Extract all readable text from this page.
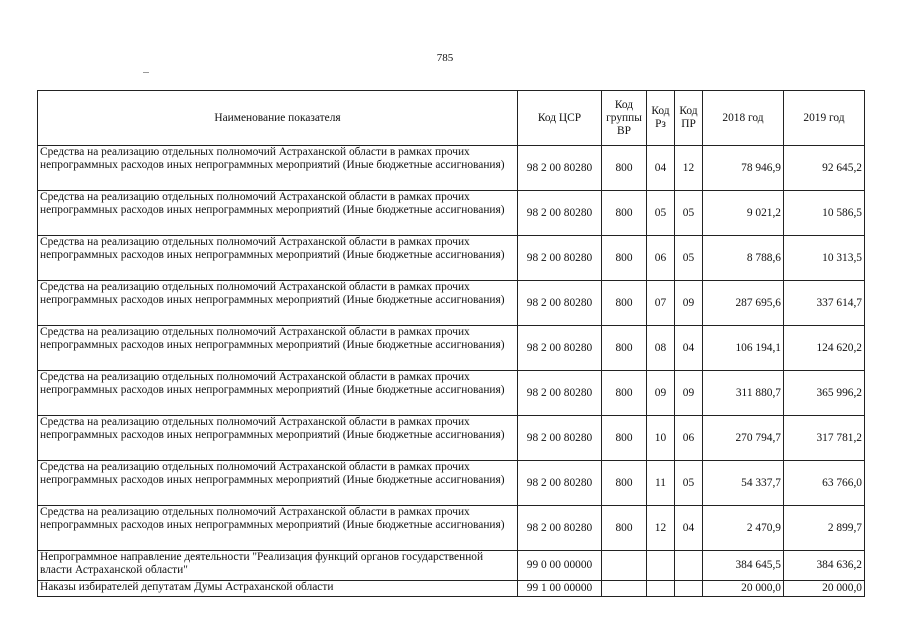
785
Наименование показателя	Код ЦСР	Код группы ВР	Код Рз	Код ПР	2018 год	2019 год
Средства на реализацию отдельных полномочий Астраханской области в рамках прочих непрограммных расходов иных непрограммных мероприятий (Иные бюджетные ассигнования)	98 2 00 80280	800	04	12	78 946,9	92 645,2
Средства на реализацию отдельных полномочий Астраханской области в рамках прочих непрограммных расходов иных непрограммных мероприятий (Иные бюджетные ассигнования)	98 2 00 80280	800	05	05	9 021,2	10 586,5
Средства на реализацию отдельных полномочий Астраханской области в рамках прочих непрограммных расходов иных непрограммных мероприятий (Иные бюджетные ассигнования)	98 2 00 80280	800	06	05	8 788,6	10 313,5
Средства на реализацию отдельных полномочий Астраханской области в рамках прочих непрограммных расходов иных непрограммных мероприятий (Иные бюджетные ассигнования)	98 2 00 80280	800	07	09	287 695,6	337 614,7
Средства на реализацию отдельных полномочий Астраханской области в рамках прочих непрограммных расходов иных непрограммных мероприятий (Иные бюджетные ассигнования)	98 2 00 80280	800	08	04	106 194,1	124 620,2
Средства на реализацию отдельных полномочий Астраханской области в рамках прочих непрограммных расходов иных непрограммных мероприятий (Иные бюджетные ассигнования)	98 2 00 80280	800	09	09	311 880,7	365 996,2
Средства на реализацию отдельных полномочий Астраханской области в рамках прочих непрограммных расходов иных непрограммных мероприятий (Иные бюджетные ассигнования)	98 2 00 80280	800	10	06	270 794,7	317 781,2
Средства на реализацию отдельных полномочий Астраханской области в рамках прочих непрограммных расходов иных непрограммных мероприятий (Иные бюджетные ассигнования)	98 2 00 80280	800	11	05	54 337,7	63 766,0
Средства на реализацию отдельных полномочий Астраханской области в рамках прочих непрограммных расходов иных непрограммных мероприятий (Иные бюджетные ассигнования)	98 2 00 80280	800	12	04	2 470,9	2 899,7
Непрограммное направление деятельности "Реализация функций органов государственной власти Астраханской области"	99 0 00 00000				384 645,5	384 636,2
Наказы избирателей депутатам Думы Астраханской области	99 1 00 00000				20 000,0	20 000,0
